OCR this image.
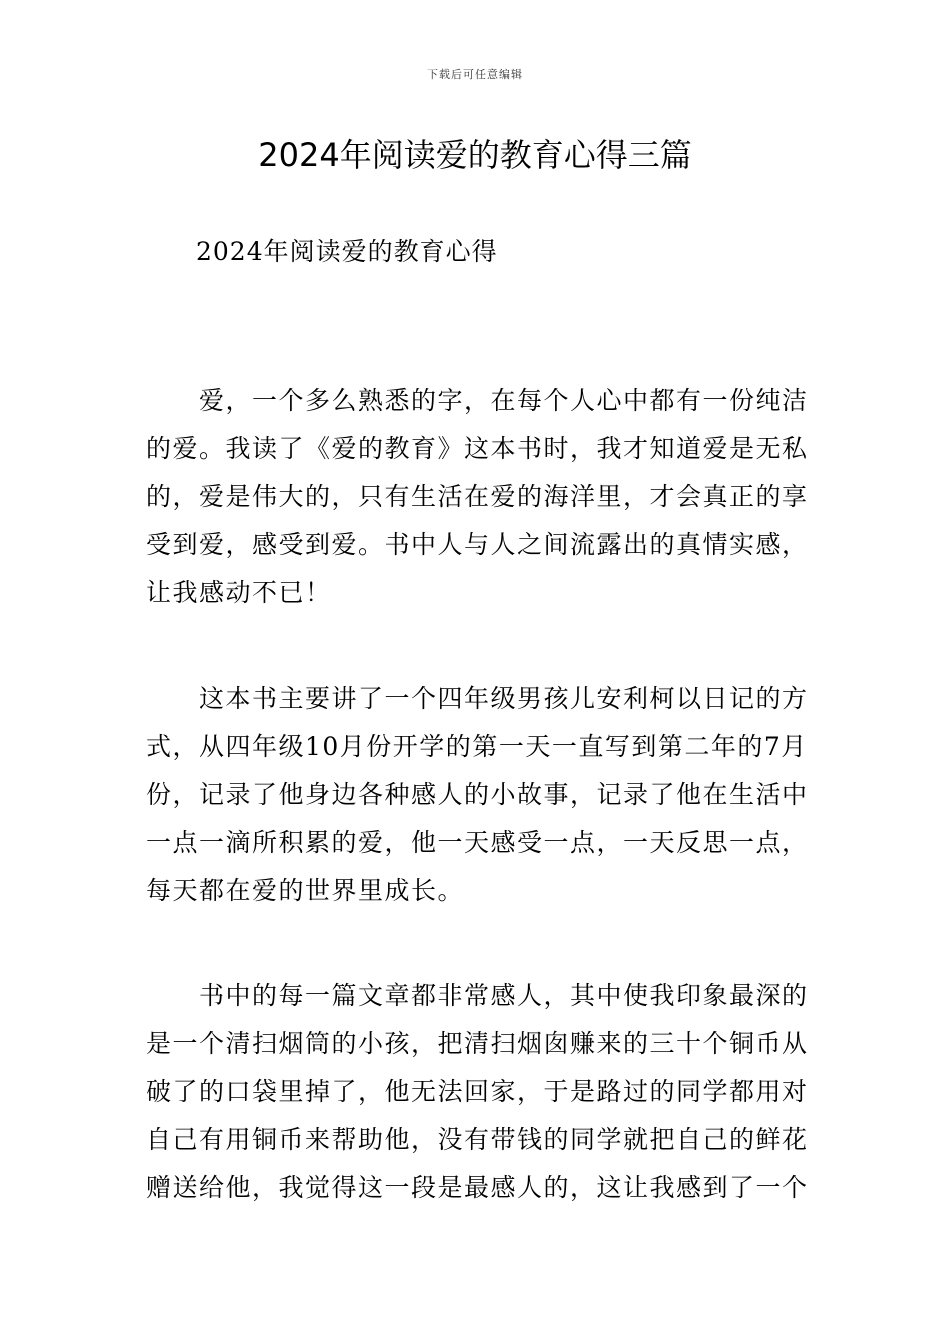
下载后可任意编辑
2024年阅读爱的教育心得三篇
2024年阅读爱的教育心得
　　爱，一个多么熟悉的字，在每个人心中都有一份纯洁
的爱。我读了《爱的教育》这本书时，我才知道爱是无私
的，爱是伟大的，只有生活在爱的海洋里，才会真正的享
受到爱，感受到爱。书中人与人之间流露出的真情实感，
让我感动不已！
　　这本书主要讲了一个四年级男孩儿安利柯以日记的方
式，从四年级10月份开学的第一天一直写到第二年的7月
份，记录了他身边各种感人的小故事，记录了他在生活中
一点一滴所积累的爱，他一天感受一点，一天反思一点，
每天都在爱的世界里成长。
　　书中的每一篇文章都非常感人，其中使我印象最深的
是一个清扫烟筒的小孩，把清扫烟囱赚来的三十个铜币从
破了的口袋里掉了，他无法回家，于是路过的同学都用对
自己有用铜币来帮助他，没有带钱的同学就把自己的鲜花
赠送给他，我觉得这一段是最感人的，这让我感到了一个
